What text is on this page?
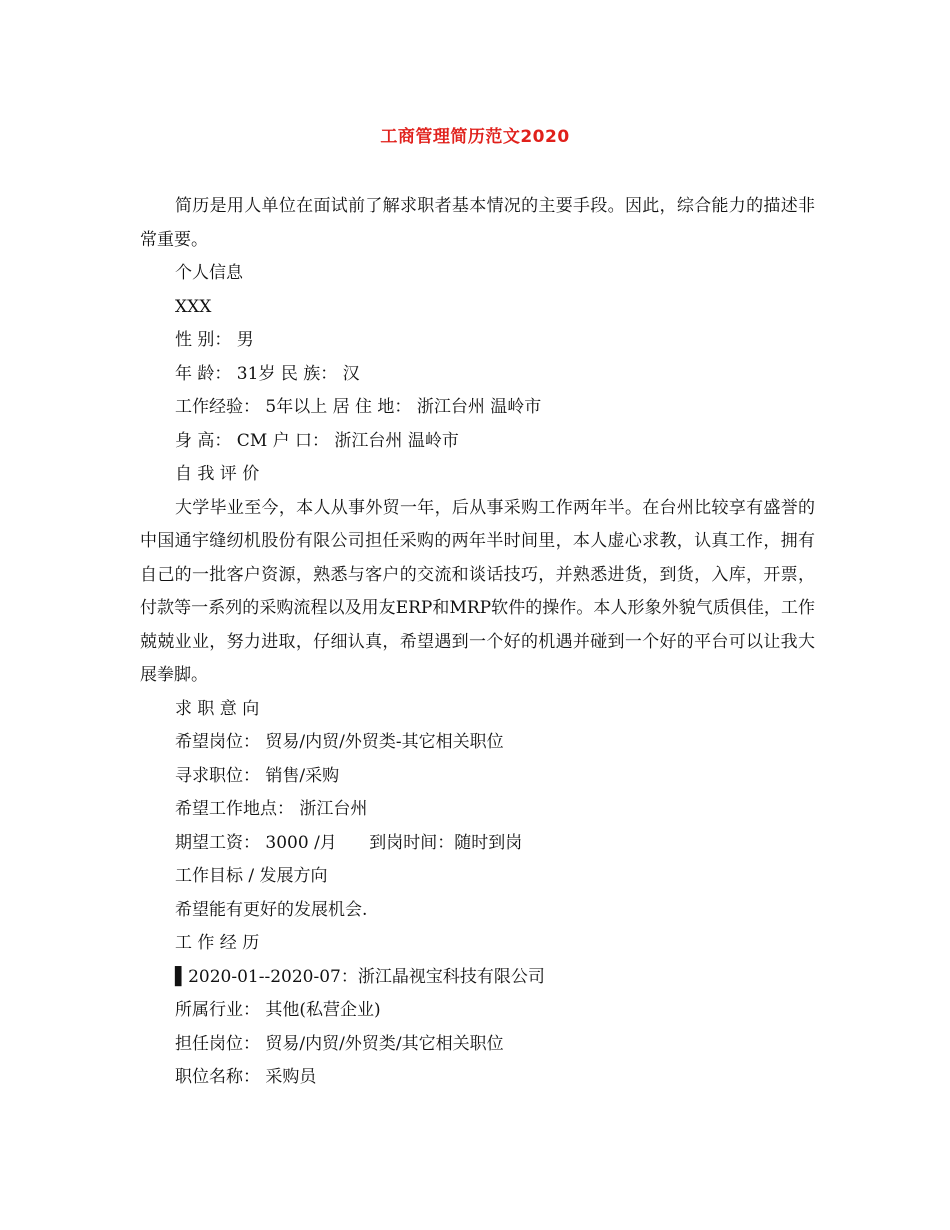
工商管理简历范文2020

简历是用人单位在面试前了解求职者基本情况的主要手段。因此，综合能力的描述非常重要。

个人信息

XXX

性 别： 男

年 龄： 31岁 民 族： 汉

工作经验： 5年以上 居 住 地： 浙江台州 温岭市

身 高： CM 户 口： 浙江台州 温岭市

自 我 评 价

大学毕业至今，本人从事外贸一年，后从事采购工作两年半。在台州比较享有盛誉的中国通宇缝纫机股份有限公司担任采购的两年半时间里，本人虚心求教，认真工作，拥有自己的一批客户资源，熟悉与客户的交流和谈话技巧，并熟悉进货，到货，入库，开票，付款等一系列的采购流程以及用友ERP和MRP软件的操作。本人形象外貌气质俱佳，工作兢兢业业，努力进取，仔细认真，希望遇到一个好的机遇并碰到一个好的平台可以让我大展拳脚。

求 职 意 向

希望岗位： 贸易/内贸/外贸类-其它相关职位

寻求职位： 销售/采购

希望工作地点： 浙江台州

期望工资： 3000 /月      到岗时间：随时到岗

工作目标 / 发展方向

希望能有更好的发展机会.

工 作 经 历

▌2020-01--2020-07：浙江晶视宝科技有限公司

所属行业： 其他(私营企业)

担任岗位： 贸易/内贸/外贸类/其它相关职位

职位名称： 采购员
